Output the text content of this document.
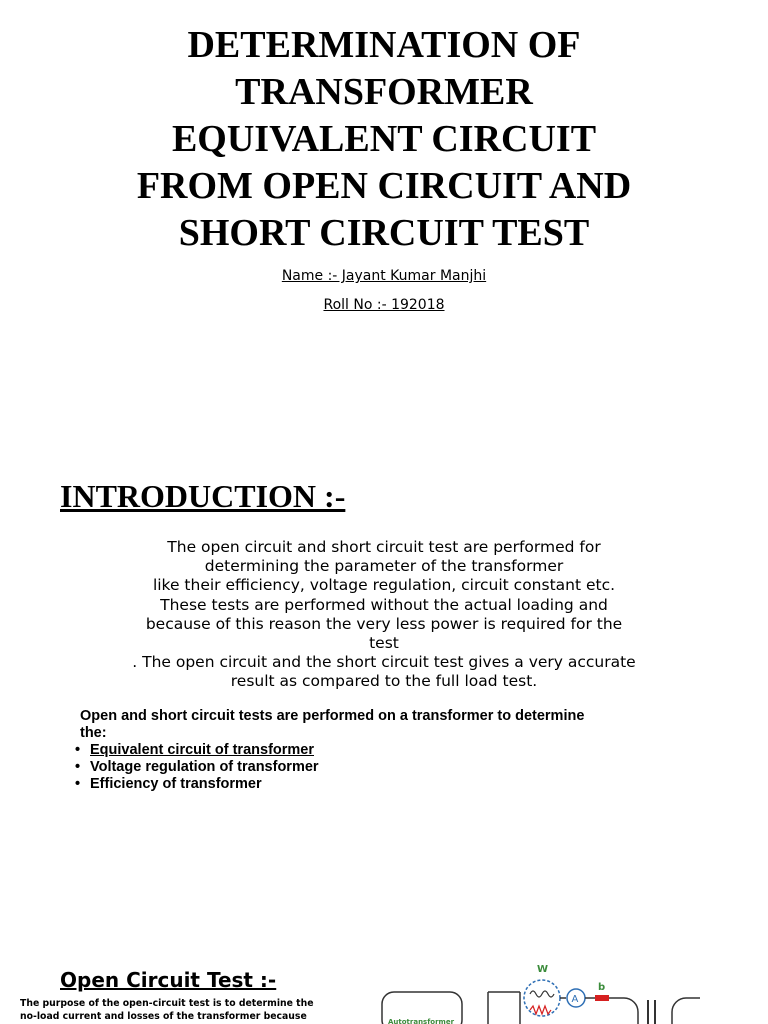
DETERMINATION OF
TRANSFORMER
EQUIVALENT CIRCUIT
FROM OPEN CIRCUIT AND
SHORT CIRCUIT TEST
Name :- Jayant Kumar Manjhi
Roll No :- 192018
INTRODUCTION :-

The open circuit and short circuit test are performed for
determining the parameter of the transformer
like their efficiency, voltage regulation, circuit constant etc.
These tests are performed without the actual loading and
because of this reason the very less power is required for the
test
. The open circuit and the short circuit test gives a very accurate
result as compared to the full load test.

Open and short circuit tests are performed on a transformer to determine
the:

• Equivalent circuit of transformer
• Voltage regulation of transformer
• Efficiency of transformer
Open Circuit Test :-

The purpose of the open-circuit test is to determine the
no-load current and losses of the transformer because

Autotransformer
W
A
b
